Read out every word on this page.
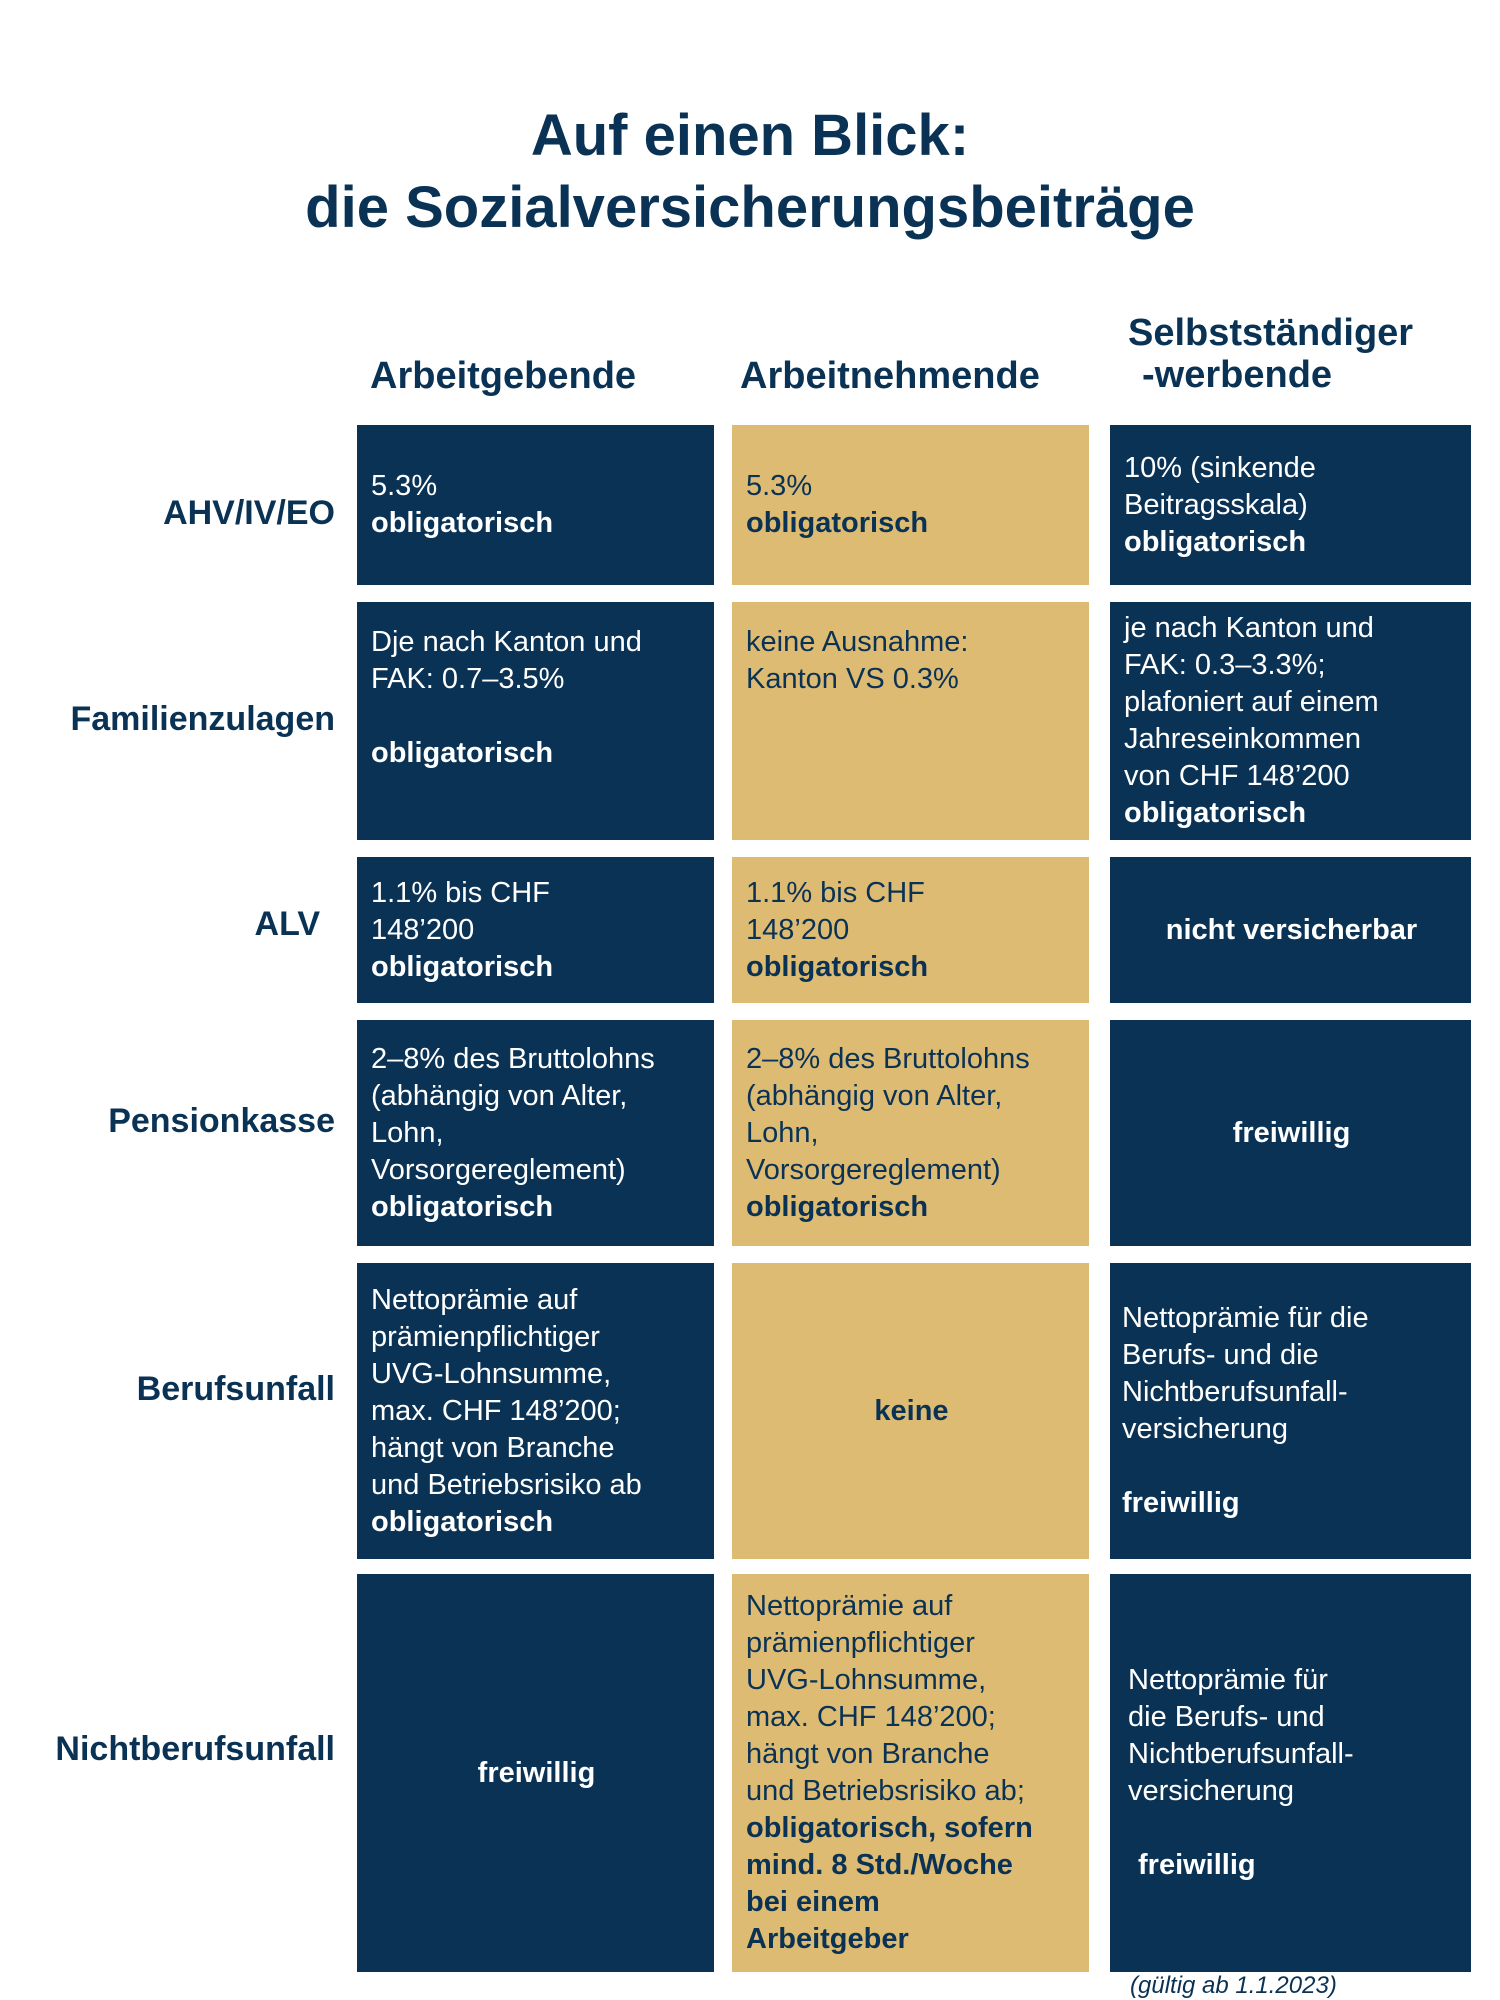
Auf einen Blick:
die Sozialversicherungsbeiträge
Arbeitgebende	Arbeitnehmende
Selbstständiger
-werbende
AHV/IV/EO
Familienzulagen
ALV
Pensionkasse
Berufsunfall
Nichtberufsunfall
5.3%
obligatorisch
5.3%
obligatorisch
10% (sinkende
Beitragsskala)
obligatorisch
Dje nach Kanton und
FAK: 0.7–3.5%
obligatorisch
keine Ausnahme:
Kanton VS 0.3%
je nach Kanton und
FAK: 0.3–3.3%;
plafoniert auf einem
Jahreseinkommen
von CHF 148’200
obligatorisch
1.1% bis CHF
148’200
obligatorisch
1.1% bis CHF
148’200
obligatorisch
nicht versicherbar
2–8% des Bruttolohns
(abhängig von Alter,
Lohn,
Vorsorgereglement)
obligatorisch
2–8% des Bruttolohns
(abhängig von Alter,
Lohn,
Vorsorgereglement)
obligatorisch
freiwillig
Nettoprämie auf
prämienpflichtiger
UVG-Lohnsumme,
max. CHF 148’200;
hängt von Branche
und Betriebsrisiko ab
obligatorisch
keine
Nettoprämie für die
Berufs- und die
Nichtberufsunfall-
versicherung
freiwillig
freiwillig
Nettoprämie auf
prämienpflichtiger
UVG-Lohnsumme,
max. CHF 148’200;
hängt von Branche
und Betriebsrisiko ab;
obligatorisch, sofern
mind. 8 Std./Woche
bei einem
Arbeitgeber
Nettoprämie für
die Berufs- und
Nichtberufsunfall-
versicherung
freiwillig
(gültig ab 1.1.2023)
